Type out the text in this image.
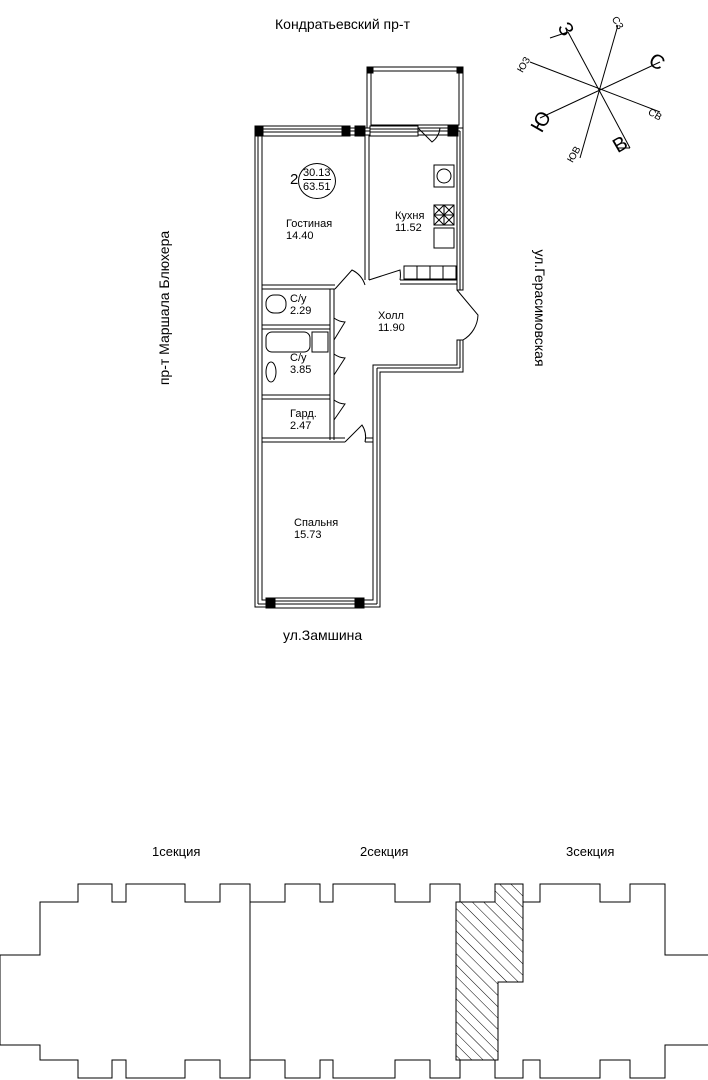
Кондратьевский пр-т
ул.Замшина
пр-т Маршала Блюхера	ул.Герасимовская
2 30.13
63.51
Гостиная
14.40
Кухня
11.52
С/у
2.29	Холл
11.90
С/у
3.85
Гард.
2.47
Спальня
15.73
З	СЗ
С
СВ
В
ЮВ
Ю
ЮЗ
1секция	2секция	3секция
